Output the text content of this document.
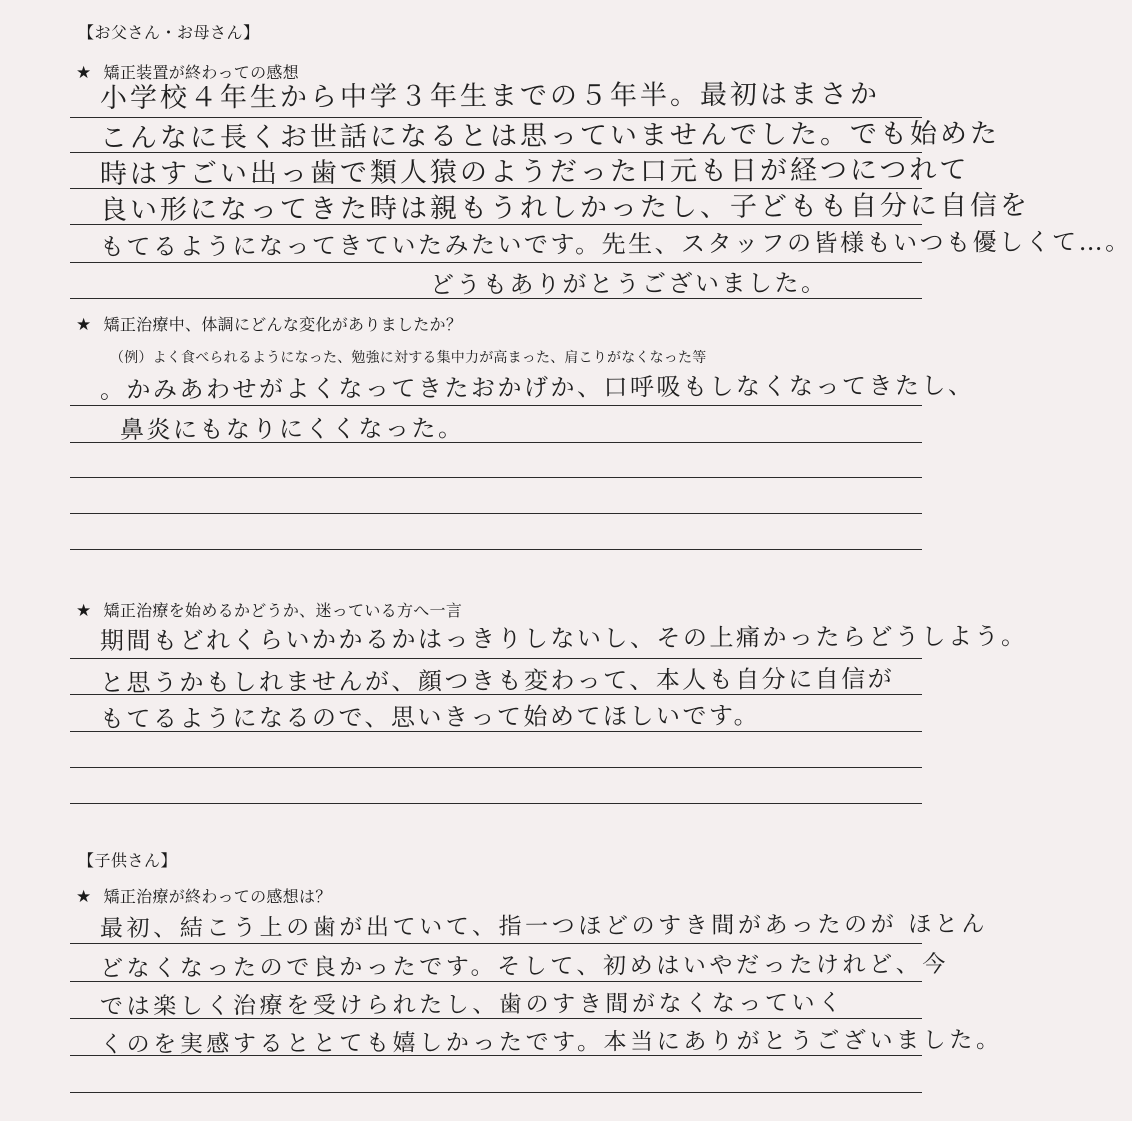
【お父さん・お母さん】
★ 矯正装置が終わっての感想
小学校４年生から中学３年生までの５年半。最初はまさか
こんなに長くお世話になるとは思っていませんでした。でも始めた
時はすごい出っ歯で類人猿のようだった口元も日が経つにつれて
良い形になってきた時は親もうれしかったし、子どもも自分に自信を
もてるようになってきていたみたいです。先生、スタッフの皆様もいつも優しくて…。
どうもありがとうございました。
★ 矯正治療中、体調にどんな変化がありましたか？
（例）よく食べられるようになった、勉強に対する集中力が高まった、肩こりがなくなった等
。かみあわせがよくなってきたおかげか、口呼吸もしなくなってきたし、
鼻炎にもなりにくくなった。
★ 矯正治療を始めるかどうか、迷っている方へ一言
期間もどれくらいかかるかはっきりしないし、その上痛かったらどうしよう。
と思うかもしれませんが、顔つきも変わって、本人も自分に自信が
もてるようになるので、思いきって始めてほしいです。
【子供さん】
★ 矯正治療が終わっての感想は？
最初、結こう上の歯が出ていて、指一つほどのすき間があったのが ほとん
どなくなったので良かったです。そして、初めはいやだったけれど、今
では楽しく治療を受けられたし、歯のすき間がなくなっていく
くのを実感するととても嬉しかったです。本当にありがとうございました。
